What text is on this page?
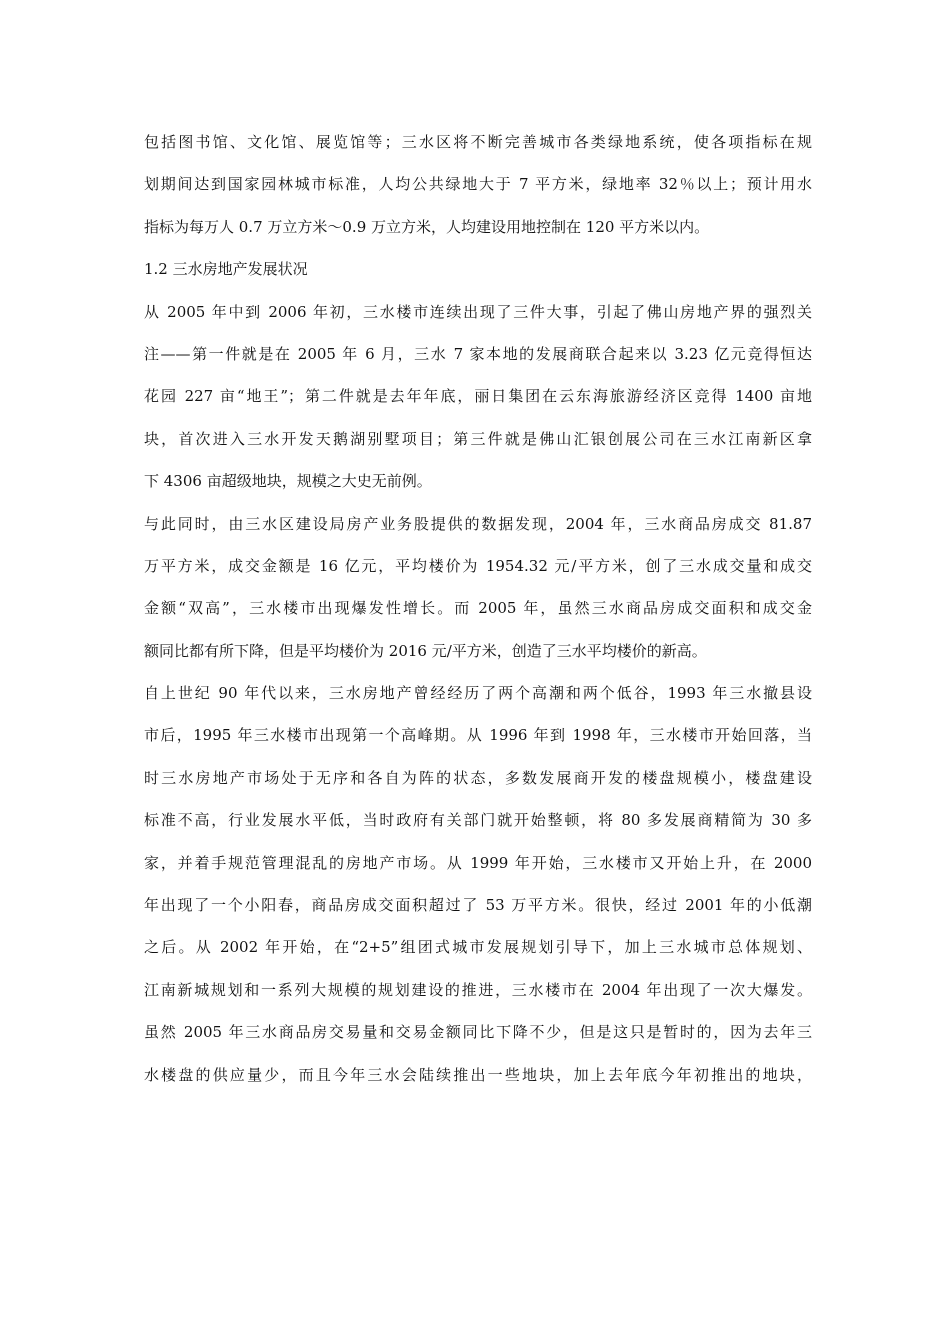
包括图书馆、文化馆、展览馆等；三水区将不断完善城市各类绿地系统，使各项指标在规
划期间达到国家园林城市标准，人均公共绿地大于 7 平方米，绿地率 32％以上；预计用水
指标为每万人 0.7 万立方米～0.9 万立方米，人均建设用地控制在 120 平方米以内。
1.2 三水房地产发展状况
从 2005 年中到 2006 年初，三水楼市连续出现了三件大事，引起了佛山房地产界的强烈关
注——第一件就是在 2005 年 6 月，三水 7 家本地的发展商联合起来以 3.23 亿元竞得恒达
花园 227 亩“地王”；第二件就是去年年底，丽日集团在云东海旅游经济区竞得 1400 亩地
块，首次进入三水开发天鹅湖别墅项目；第三件就是佛山汇银创展公司在三水江南新区拿
下 4306 亩超级地块，规模之大史无前例。
与此同时，由三水区建设局房产业务股提供的数据发现，2004 年，三水商品房成交 81.87
万平方米，成交金额是 16 亿元，平均楼价为 1954.32 元/平方米，创了三水成交量和成交
金额“双高”，三水楼市出现爆发性增长。而 2005 年，虽然三水商品房成交面积和成交金
额同比都有所下降，但是平均楼价为 2016 元/平方米，创造了三水平均楼价的新高。
自上世纪 90 年代以来，三水房地产曾经经历了两个高潮和两个低谷，1993 年三水撤县设
市后，1995 年三水楼市出现第一个高峰期。从 1996 年到 1998 年，三水楼市开始回落，当
时三水房地产市场处于无序和各自为阵的状态，多数发展商开发的楼盘规模小，楼盘建设
标准不高，行业发展水平低，当时政府有关部门就开始整顿，将 80 多发展商精简为 30 多
家，并着手规范管理混乱的房地产市场。从 1999 年开始，三水楼市又开始上升，在 2000
年出现了一个小阳春，商品房成交面积超过了 53 万平方米。很快，经过 2001 年的小低潮
之后。从 2002 年开始，在“2+5”组团式城市发展规划引导下，加上三水城市总体规划、
江南新城规划和一系列大规模的规划建设的推进，三水楼市在 2004 年出现了一次大爆发。
虽然 2005 年三水商品房交易量和交易金额同比下降不少，但是这只是暂时的，因为去年三
水楼盘的供应量少，而且今年三水会陆续推出一些地块，加上去年底今年初推出的地块，
